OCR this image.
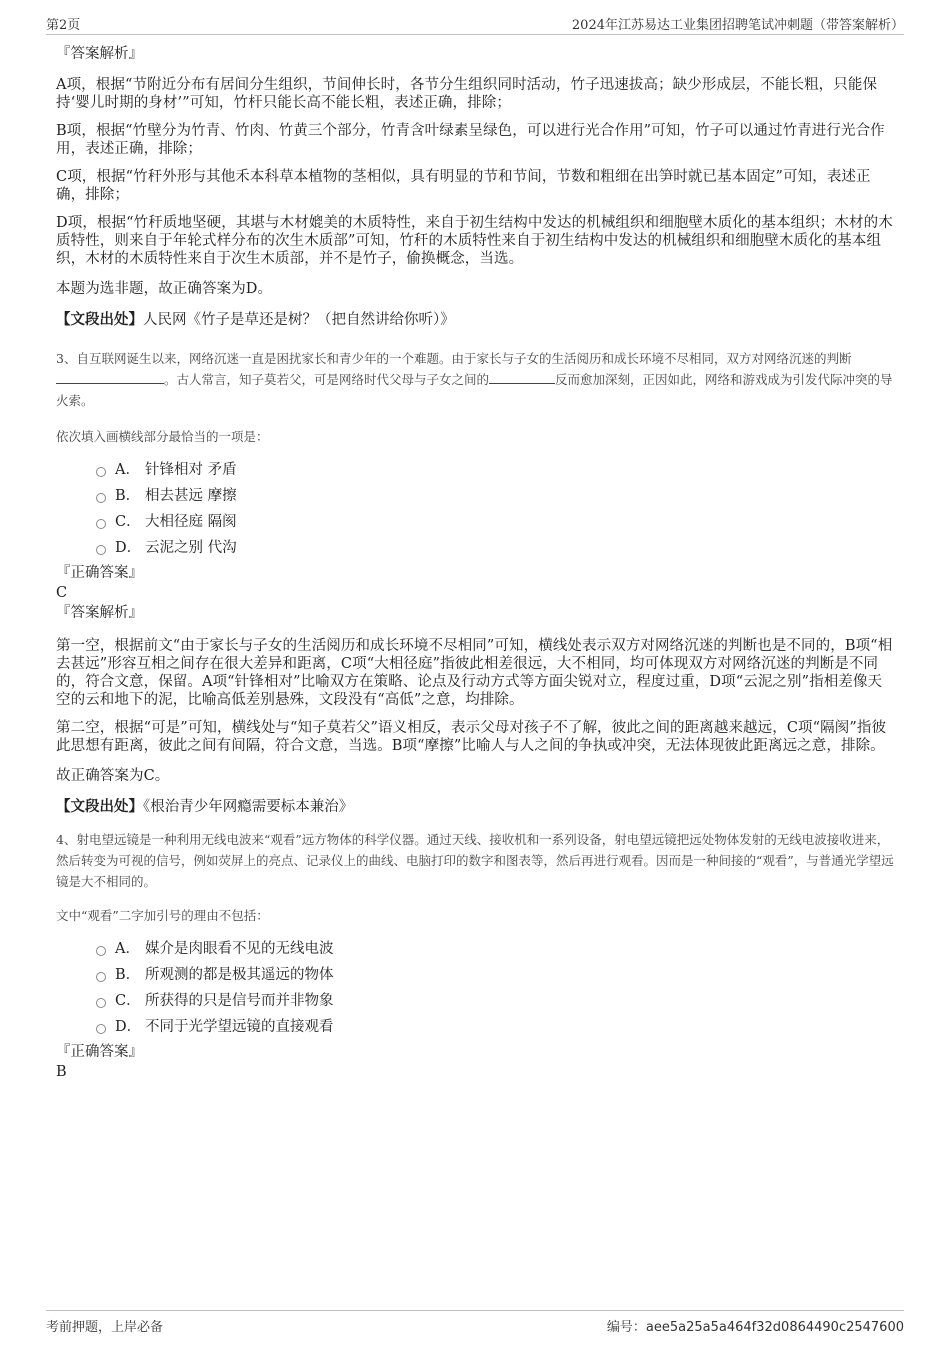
第2页	2024年江苏易达工业集团招聘笔试冲刺题（带答案解析）
『答案解析』

A项，根据“节附近分布有居间分生组织，节间伸长时，各节分生组织同时活动，竹子迅速拔高；缺少形成层，不能长粗，只能保持‘婴儿时期的身材’”可知，竹杆只能长高不能长粗，表述正确，排除；

B项，根据“竹壁分为竹青、竹肉、竹黄三个部分，竹青含叶绿素呈绿色，可以进行光合作用”可知，竹子可以通过竹青进行光合作用，表述正确，排除；

C项，根据“竹秆外形与其他禾本科草本植物的茎相似，具有明显的节和节间，节数和粗细在出笋时就已基本固定”可知，表述正确，排除；

D项，根据“竹秆质地坚硬，其堪与木材媲美的木质特性，来自于初生结构中发达的机械组织和细胞壁木质化的基本组织；木材的木质特性，则来自于年轮式样分布的次生木质部”可知，竹秆的木质特性来自于初生结构中发达的机械组织和细胞壁木质化的基本组织，木材的木质特性来自于次生木质部，并不是竹子，偷换概念，当选。

本题为选非题，故正确答案为D。

【文段出处】人民网《竹子是草还是树？（把自然讲给你听）》
3、自互联网诞生以来，网络沉迷一直是困扰家长和青少年的一个难题。由于家长与子女的生活阅历和成长环境不尽相同，双方对网络沉迷的判断。古人常言，知子莫若父，可是网络时代父母与子女之间的	反而愈加深刻，正因如此，网络和游戏成为引发代际冲突的导火索。
依次填入画横线部分最恰当的一项是：
A． 针锋相对 矛盾
B． 相去甚远 摩擦
C． 大相径庭 隔阂
D． 云泥之别 代沟
『正确答案』
C
『答案解析』

第一空，根据前文“由于家长与子女的生活阅历和成长环境不尽相同”可知，横线处表示双方对网络沉迷的判断也是不同的，B项“相去甚远”形容互相之间存在很大差异和距离，C项“大相径庭”指彼此相差很远，大不相同，均可体现双方对网络沉迷的判断是不同的，符合文意，保留。A项“针锋相对”比喻双方在策略、论点及行动方式等方面尖锐对立，程度过重，D项“云泥之别”指相差像天空的云和地下的泥，比喻高低差别悬殊，文段没有“高低”之意，均排除。

第二空，根据“可是”可知，横线处与“知子莫若父”语义相反，表示父母对孩子不了解，彼此之间的距离越来越远，C项“隔阂”指彼此思想有距离，彼此之间有间隔，符合文意，当选。B项“摩擦”比喻人与人之间的争执或冲突，无法体现彼此距离远之意，排除。

故正确答案为C。

【文段出处】《根治青少年网瘾需要标本兼治》
4、射电望远镜是一种利用无线电波来“观看”远方物体的科学仪器。通过天线、接收机和一系列设备，射电望远镜把远处物体发射的无线电波接收进来，然后转变为可视的信号，例如荧屏上的亮点、记录仪上的曲线、电脑打印的数字和图表等，然后再进行观看。因而是一种间接的“观看”，与普通光学望远镜是大不相同的。
文中“观看”二字加引号的理由不包括：
A． 媒介是肉眼看不见的无线电波
B． 所观测的都是极其遥远的物体
C． 所获得的只是信号而并非物象
D． 不同于光学望远镜的直接观看
『正确答案』
B
考前押题，上岸必备	编号：aee5a25a5a464f32d0864490c2547600
